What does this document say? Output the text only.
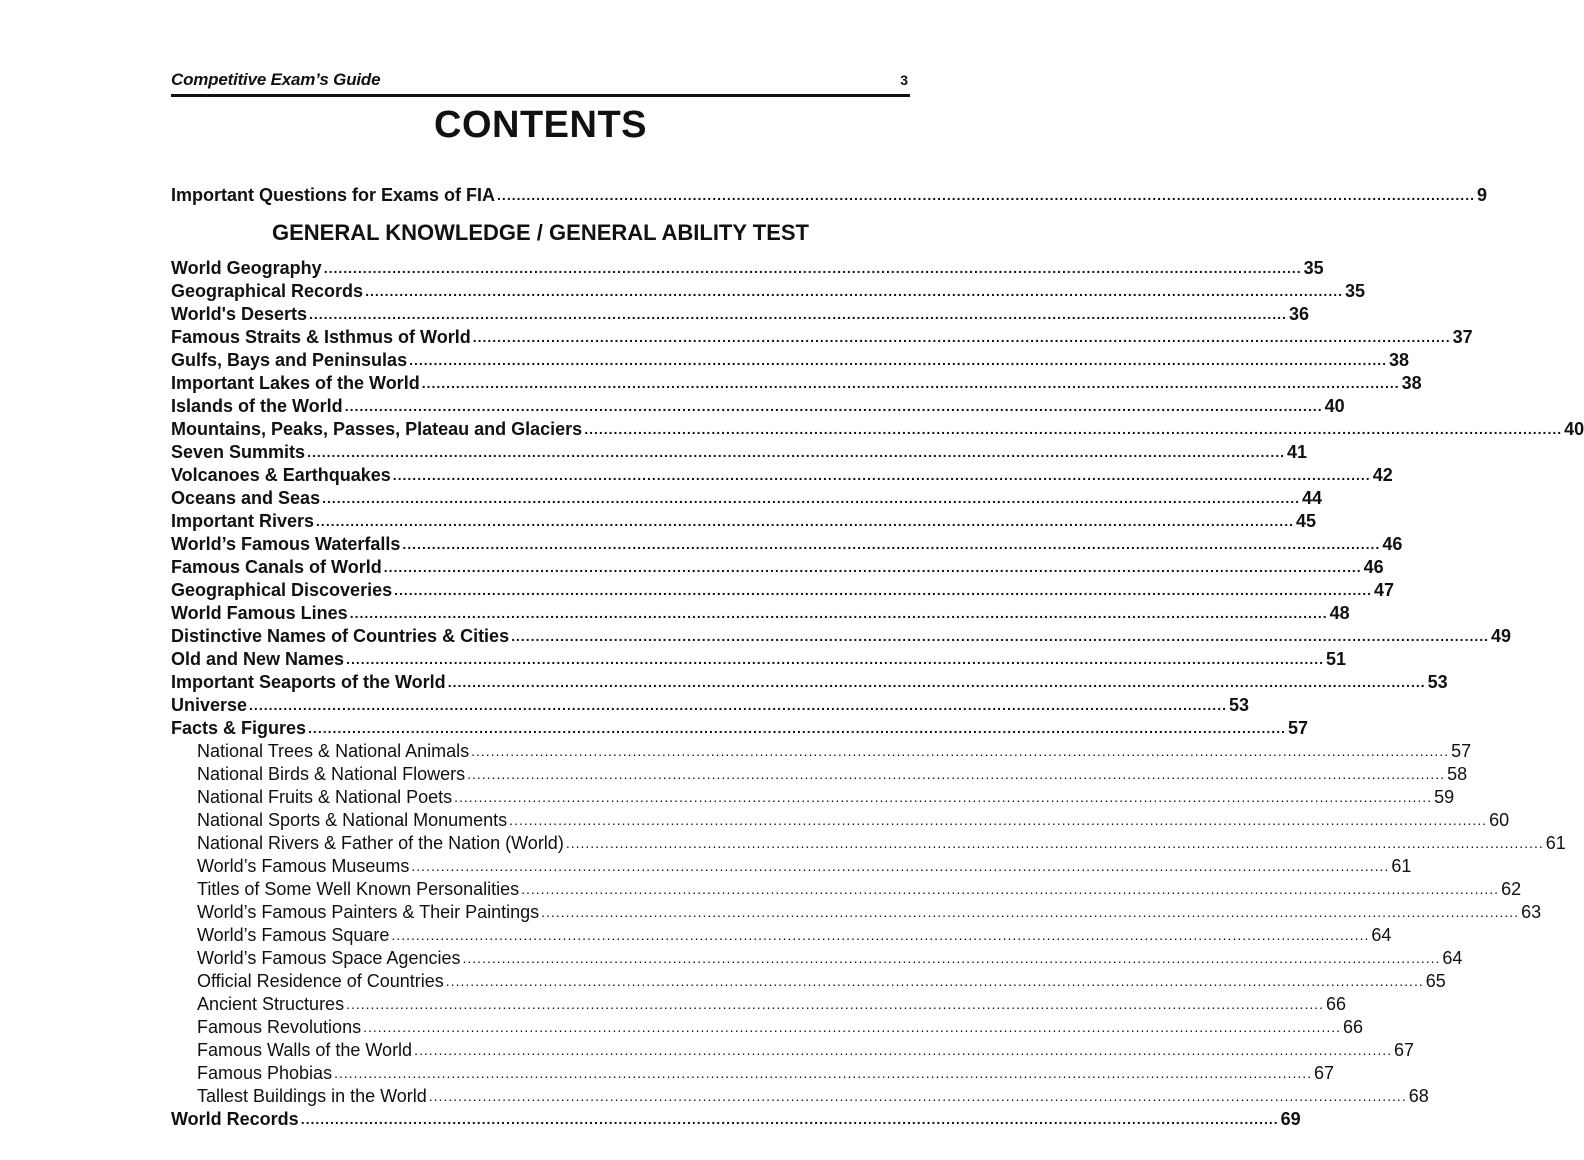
Competitive Exam’s Guide	3
CONTENTS
Important Questions for Exams of FIA ........................................................................................................................................................................................................ 9
GENERAL KNOWLEDGE / GENERAL ABILITY TEST
World Geography ........................................................................................................................................................................................................ 35
Geographical Records ........................................................................................................................................................................................................ 35
World's Deserts ........................................................................................................................................................................................................ 36
Famous Straits & Isthmus of World ........................................................................................................................................................................................................ 37
Gulfs, Bays and Peninsulas ........................................................................................................................................................................................................ 38
Important Lakes of the World ........................................................................................................................................................................................................ 38
Islands of the World ........................................................................................................................................................................................................ 40
Mountains, Peaks, Passes, Plateau and Glaciers ........................................................................................................................................................................................................ 40
Seven Summits ........................................................................................................................................................................................................ 41
Volcanoes & Earthquakes ........................................................................................................................................................................................................ 42
Oceans and Seas ........................................................................................................................................................................................................ 44
Important Rivers ........................................................................................................................................................................................................ 45
World’s Famous Waterfalls ........................................................................................................................................................................................................ 46
Famous Canals of World ........................................................................................................................................................................................................ 46
Geographical Discoveries ........................................................................................................................................................................................................ 47
World Famous Lines ........................................................................................................................................................................................................ 48
Distinctive Names of Countries & Cities ........................................................................................................................................................................................................ 49
Old and New Names ........................................................................................................................................................................................................ 51
Important Seaports of the World ........................................................................................................................................................................................................ 53
Universe ........................................................................................................................................................................................................ 53
Facts & Figures ........................................................................................................................................................................................................ 57
National Trees & National Animals ........................................................................................................................................................................................................ 57
National Birds & National Flowers ........................................................................................................................................................................................................ 58
National Fruits & National Poets ........................................................................................................................................................................................................ 59
National Sports & National Monuments ........................................................................................................................................................................................................ 60
National Rivers & Father of the Nation (World) ........................................................................................................................................................................................................ 61
World’s Famous Museums ........................................................................................................................................................................................................ 61
Titles of Some Well Known Personalities ........................................................................................................................................................................................................ 62
World’s Famous Painters & Their Paintings ........................................................................................................................................................................................................ 63
World’s Famous Square ........................................................................................................................................................................................................ 64
World’s Famous Space Agencies ........................................................................................................................................................................................................ 64
Official Residence of Countries ........................................................................................................................................................................................................ 65
Ancient Structures ........................................................................................................................................................................................................ 66
Famous Revolutions ........................................................................................................................................................................................................ 66
Famous Walls of the World ........................................................................................................................................................................................................ 67
Famous Phobias ........................................................................................................................................................................................................ 67
Tallest Buildings in the World ........................................................................................................................................................................................................ 68
World Records ........................................................................................................................................................................................................ 69
